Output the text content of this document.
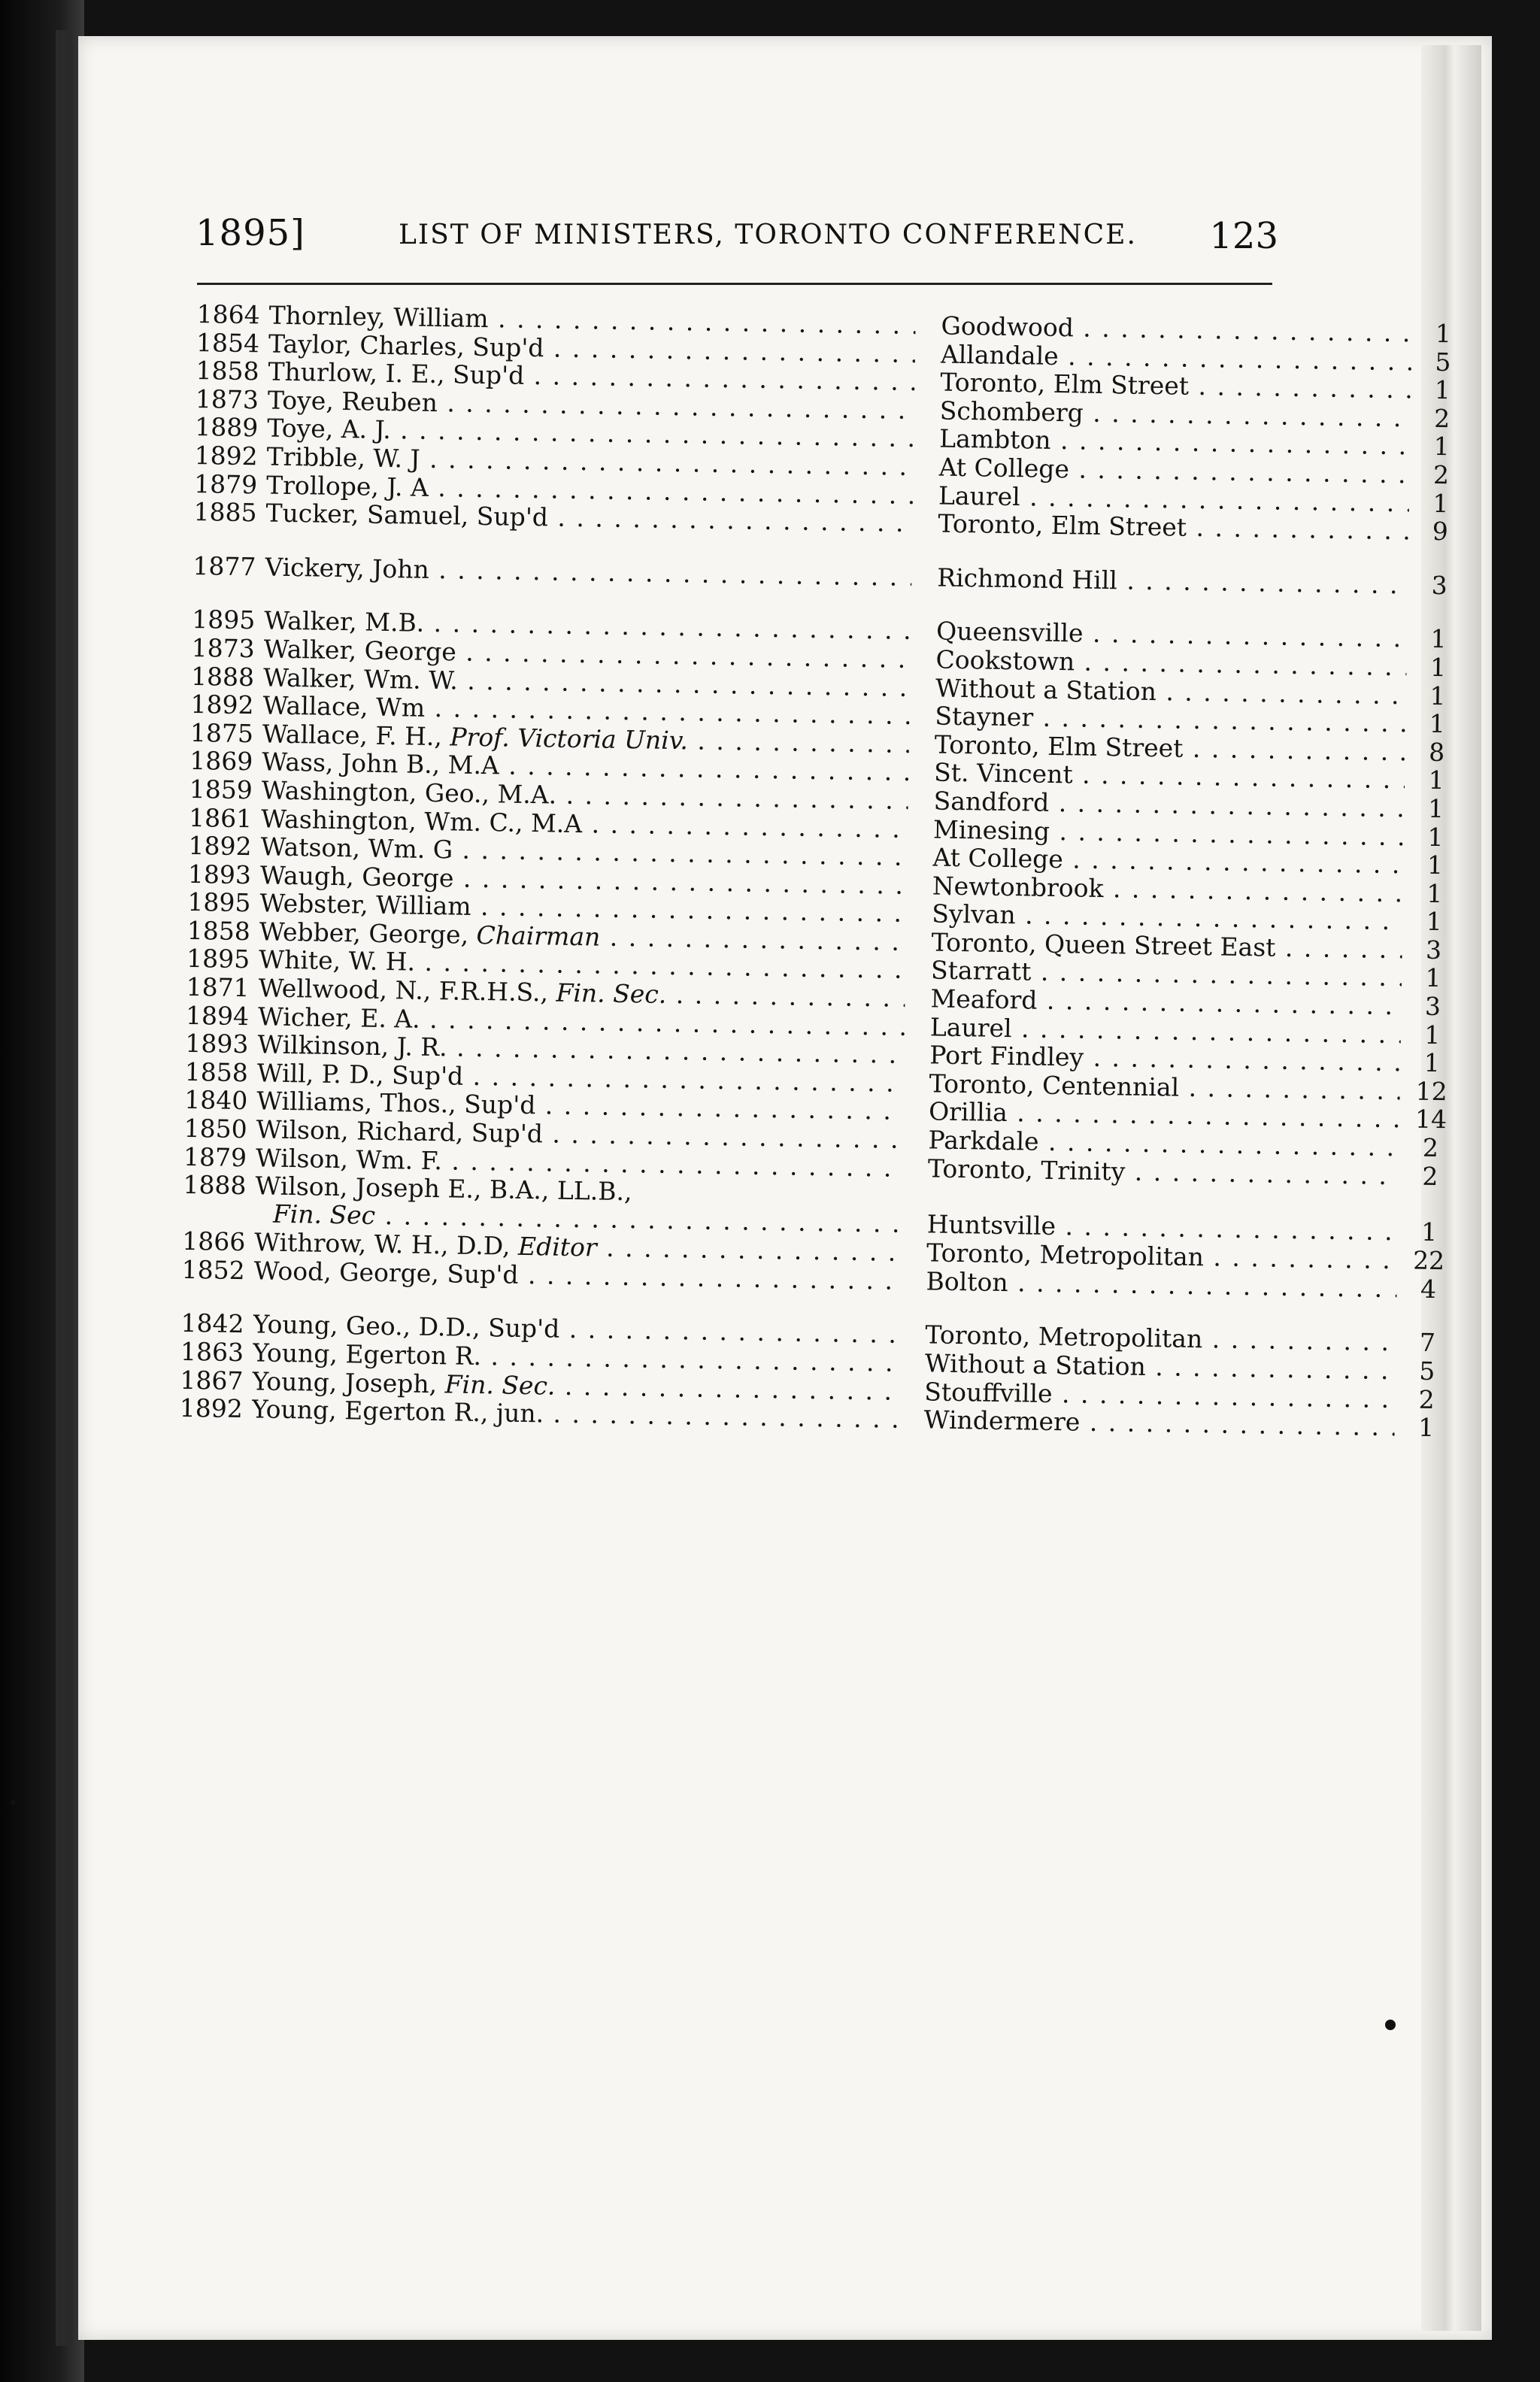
1895]	LIST OF MINISTERS, TORONTO CONFERENCE. 123
1864 Thornley, William . . .	Goodwood . . .	1
1854 Taylor, Charles, Sup'd . . .	Allandale . . .	5
1858 Thurlow, I. E., Sup'd . . .	Toronto, Elm Street . . .	1
1873 Toye, Reuben . . .	Schomberg . . .	2
1889 Toye, A. J. . . .	Lambton . . .	1
1892 Tribble, W. J . . .	At College . . .	2
1879 Trollope, J. A . . .	Laurel . . .	1
1885 Tucker, Samuel, Sup'd . . .	Toronto, Elm Street . . .	9
1877 Vickery, John . . .	Richmond Hill . . .	3
1895 Walker, M.B. . . .	Queensville . . .	1
1873 Walker, George . . .	Cookstown . . .	1
1888 Walker, Wm. W. . . .	Without a Station . . .	1
1892 Wallace, Wm . . .	Stayner . . .	1
1875 Wallace, F. H., Prof. Victoria Univ. . . .	Toronto, Elm Street . . .	8
1869 Wass, John B., M.A . . .	St. Vincent . . .	1
1859 Washington, Geo., M.A. . . .	Sandford . . .	1
1861 Washington, Wm. C., M.A . . .	Minesing . . .	1
1892 Watson, Wm. G . . .	At College . . .	1
1893 Waugh, George . . .	Newtonbrook . . .	1
1895 Webster, William . . .	Sylvan . . .	1
1858 Webber, George, Chairman . . .	Toronto, Queen Street East . . .	3
1895 White, W. H. . . .	Starratt . . .	1
1871 Wellwood, N., F.R.H.S., Fin. Sec. . . .	Meaford . . .	3
1894 Wicher, E. A. . . .	Laurel . . .	1
1893 Wilkinson, J. R. . . .	Port Findley . . .	1
1858 Will, P. D., Sup'd . . .	Toronto, Centennial . . .	12
1840 Williams, Thos., Sup'd . . .	Orillia . . .	14
1850 Wilson, Richard, Sup'd . . .	Parkdale . . .	2
1879 Wilson, Wm. F. . . .	Toronto, Trinity . . .	2
1888 Wilson, Joseph E., B.A., LL.B.,
Fin. Sec . . .	Huntsville . . .	1
1866 Withrow, W. H., D.D, Editor . . .	Toronto, Metropolitan . . .	22
1852 Wood, George, Sup'd . . .	Bolton . . .	4
1842 Young, Geo., D.D., Sup'd . . .	Toronto, Metropolitan . . .	7
1863 Young, Egerton R. . . .	Without a Station . . .	5
1867 Young, Joseph, Fin. Sec. . . .	Stouffville . . .	2
1892 Young, Egerton R., jun. . . .	Windermere . . .	1
